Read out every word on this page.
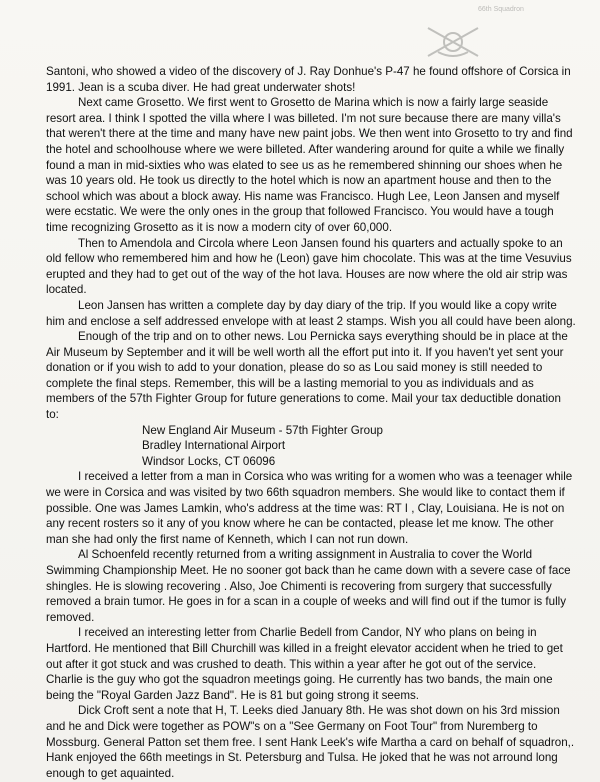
66th Squadron

Santoni, who showed a video of the discovery of J. Ray Donhue's P-47 he found offshore of Corsica in 1991. Jean is a scuba diver. He had great underwater shots!

Next came Grosetto. We first went to Grosetto de Marina which is now a fairly large seaside resort area. I think I spotted the villa where I was billeted. I'm not sure because there are many villa's that weren't there at the time and many have new paint jobs. We then went into Grosetto to try and find the hotel and schoolhouse where we were billeted. After wandering around for quite a while we finally found a man in mid-sixties who was elated to see us as he remembered shinning our shoes when he was 10 years old. He took us directly to the hotel which is now an apartment house and then to the school which was about a block away. His name was Francisco. Hugh Lee, Leon Jansen and myself were ecstatic. We were the only ones in the group that followed Francisco. You would have a tough time recognizing Grosetto as it is now a modern city of over 60,000.

Then to Amendola and Circola where Leon Jansen found his quarters and actually spoke to an old fellow who remembered him and how he (Leon) gave him chocolate. This was at the time Vesuvius erupted and they had to get out of the way of the hot lava. Houses are now where the old air strip was located.

Leon Jansen has written a complete day by day diary of the trip. If you would like a copy write him and enclose a self addressed envelope with at least 2 stamps. Wish you all could have been along.

Enough of the trip and on to other news. Lou Pernicka says everything should be in place at the Air Museum by September and it will be well worth all the effort put into it. If you haven't yet sent your donation or if you wish to add to your donation, please do so as Lou said money is still needed to complete the final steps. Remember, this will be a lasting memorial to you as individuals and as members of the 57th Fighter Group for future generations to come. Mail your tax deductible donation to:

New England Air Museum - 57th Fighter Group
Bradley International Airport
Windsor Locks, CT 06096

I received a letter from a man in Corsica who was writing for a women who was a teenager while we were in Corsica and was visited by two 66th squadron members. She would like to contact them if possible. One was James Lamkin, who's address at the time was: RT I , Clay, Louisiana. He is not on any recent rosters so it any of you know where he can be contacted, please let me know. The other man she had only the first name of Kenneth, which I can not run down.

Al Schoenfeld recently returned from a writing assignment in Australia to cover the World Swimming Championship Meet. He no sooner got back than he came down with a severe case of face shingles. He is slowing recovering . Also, Joe Chimenti is recovering from surgery that successfully removed a brain tumor. He goes in for a scan in a couple of weeks and will find out if the tumor is fully removed.

I received an interesting letter from Charlie Bedell from Candor, NY who plans on being in Hartford. He mentioned that Bill Churchill was killed in a freight elevator accident when he tried to get out after it got stuck and was crushed to death. This within a year after he got out of the service. Charlie is the guy who got the squadron meetings going. He currently has two bands, the main one being the "Royal Garden Jazz Band". He is 81 but going strong it seems.

Dick Croft sent a note that H, T. Leeks died January 8th. He was shot down on his 3rd mission and he and Dick were together as POW"s on a "See Germany on Foot Tour" from Nuremberg to Mossburg. General Patton set them free. I sent Hank Leek's wife Martha a card on behalf of squadron,. Hank enjoyed the 66th meetings in St. Petersburg and Tulsa. He joked that he was not arround long enough to get aquainted.
